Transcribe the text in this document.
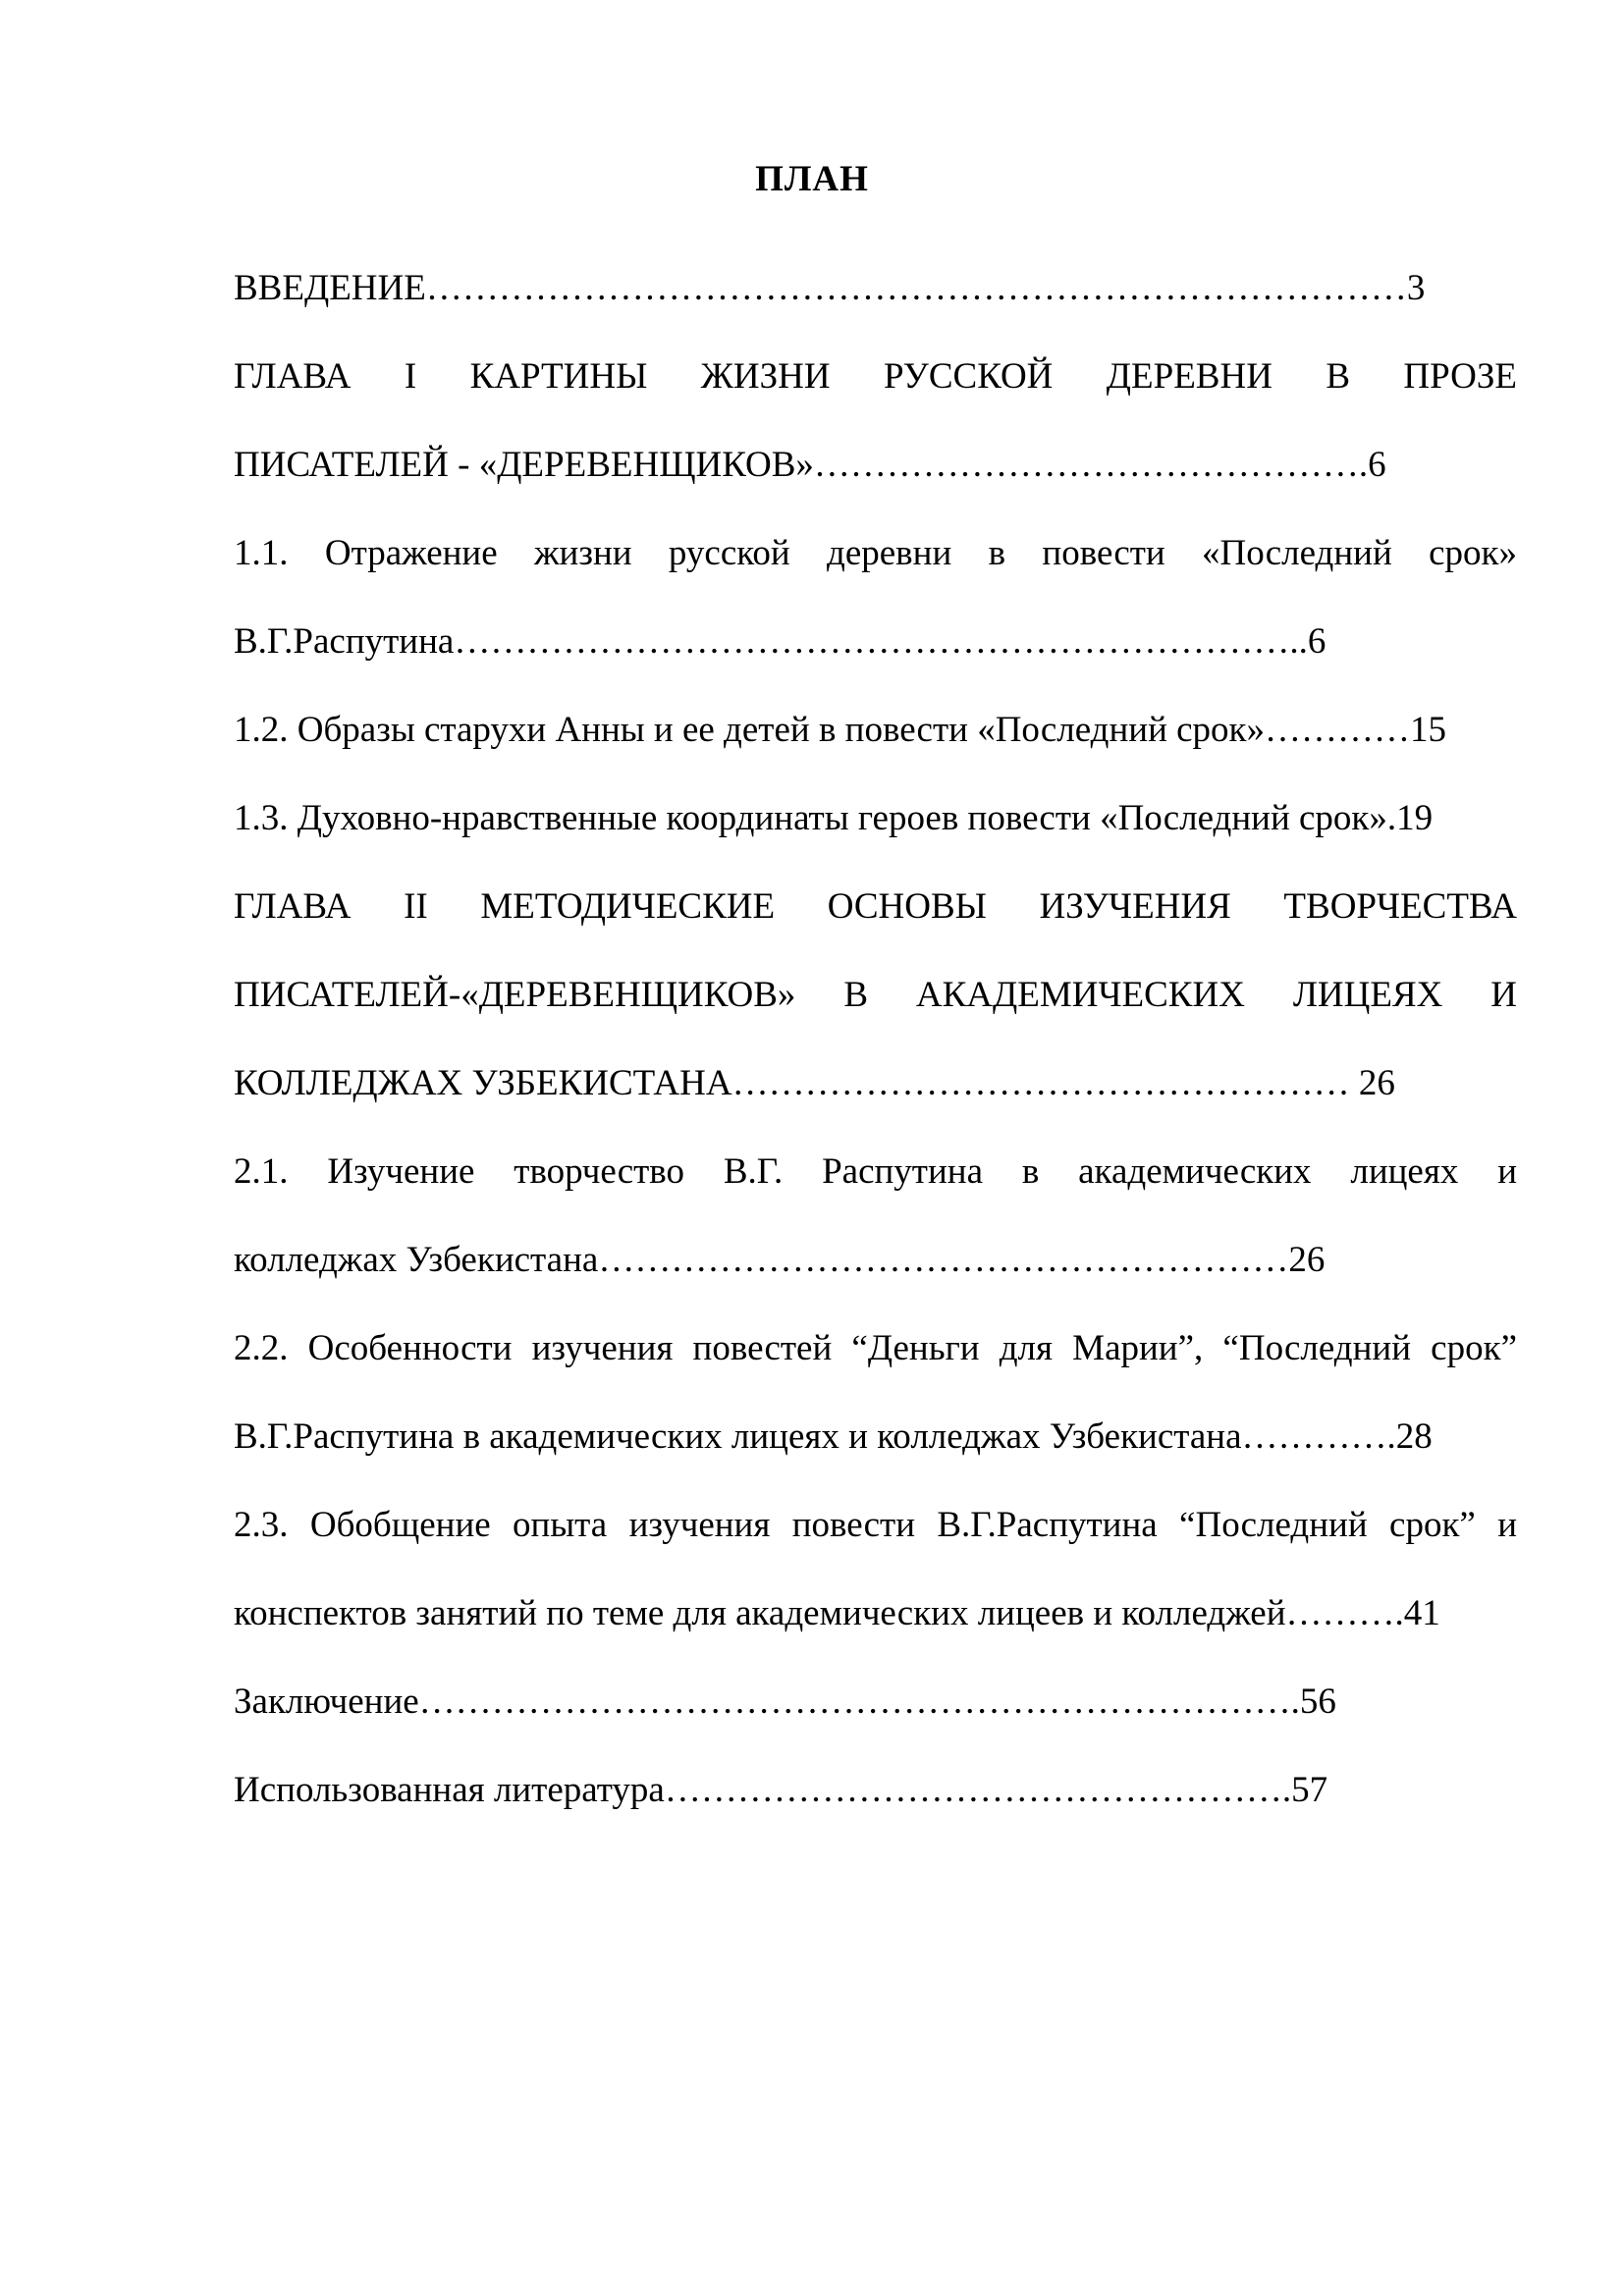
ПЛАН
ВВЕДЕНИЕ………………………………………………………………………3
ГЛАВА I КАРТИНЫ ЖИЗНИ РУССКОЙ ДЕРЕВНИ В ПРОЗЕ
ПИСАТЕЛЕЙ - «ДЕРЕВЕНЩИКОВ»……………………………………….6
1.1. Отражение жизни русской деревни в повести «Последний срок»
В.Г.Распутина……………………………………………………………..6
1.2. Образы старухи Анны и ее детей в повести «Последний срок»…………15
1.3. Духовно-нравственные координаты героев повести «Последний срок».19
ГЛАВА II МЕТОДИЧЕСКИЕ ОСНОВЫ ИЗУЧЕНИЯ ТВОРЧЕСТВА
ПИСАТЕЛЕЙ-«ДЕРЕВЕНЩИКОВ» В АКАДЕМИЧЕСКИХ ЛИЦЕЯХ И
КОЛЛЕДЖАХ УЗБЕКИСТАНА…………………………………………… 26
2.1. Изучение творчество В.Г. Распутина в академических лицеях и
колледжах Узбекистана…………………………………………………26
2.2. Особенности изучения повестей “Деньги для Марии”, “Последний срок”
В.Г.Распутина в академических лицеях и колледжах Узбекистана………….28
2.3. Обобщение опыта изучения повести В.Г.Распутина “Последний срок” и
конспектов занятий по теме для академических лицеев и колледжей……….41
Заключение……………………………………………………………….56
Использованная литература…………………………………………….57
